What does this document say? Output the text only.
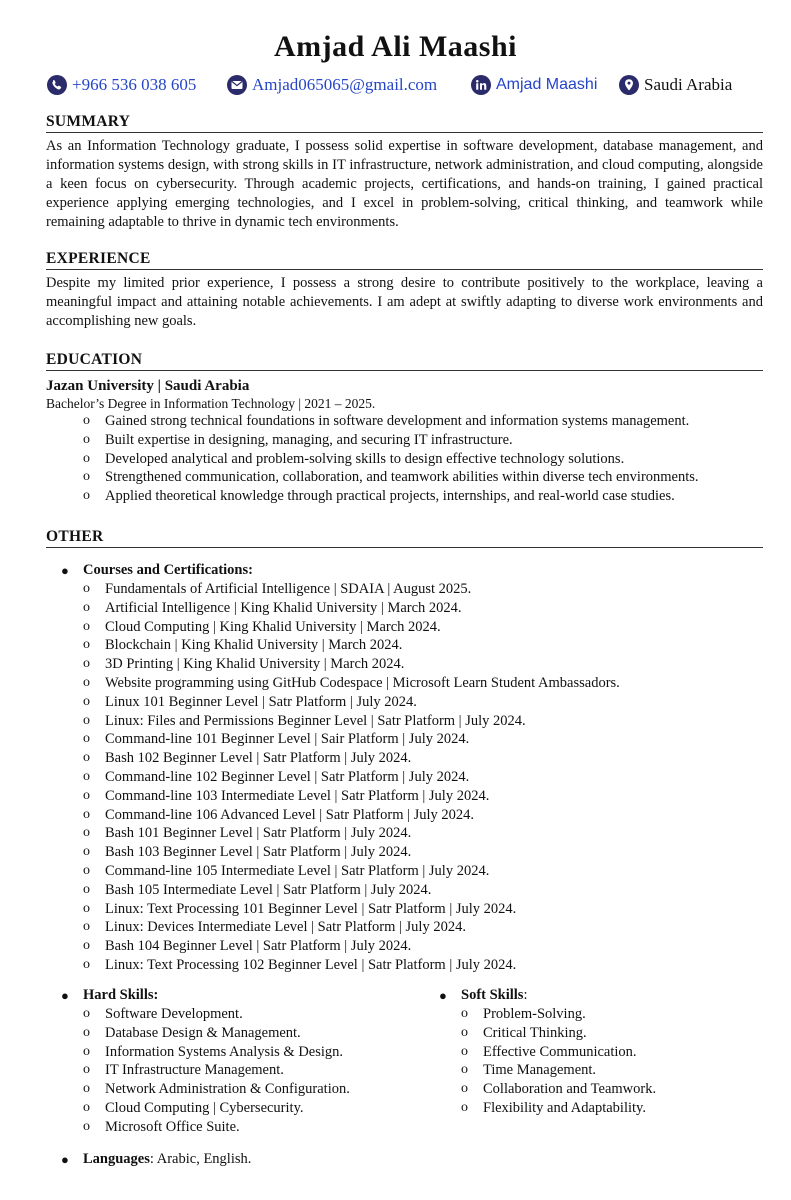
Amjad Ali Maashi
+966 536 038 605	Amjad065065@gmail.com	Amjad Maashi	Saudi Arabia
SUMMARY
As an Information Technology graduate, I possess solid expertise in software development, database management, and information systems design, with strong skills in IT infrastructure, network administration, and cloud computing, alongside a keen focus on cybersecurity. Through academic projects, certifications, and hands-on training, I gained practical experience applying emerging technologies, and I excel in problem-solving, critical thinking, and teamwork while remaining adaptable to thrive in dynamic tech environments.
EXPERIENCE
Despite my limited prior experience, I possess a strong desire to contribute positively to the workplace, leaving a meaningful impact and attaining notable achievements. I am adept at swiftly adapting to diverse work environments and accomplishing new goals.
EDUCATION
Jazan University | Saudi Arabia
Bachelor’s Degree in Information Technology | 2021 – 2025.
o Gained strong technical foundations in software development and information systems management.
o Built expertise in designing, managing, and securing IT infrastructure.
o Developed analytical and problem-solving skills to design effective technology solutions.
o Strengthened communication, collaboration, and teamwork abilities within diverse tech environments.
o Applied theoretical knowledge through practical projects, internships, and real-world case studies.
OTHER
● Courses and Certifications:
o Fundamentals of Artificial Intelligence | SDAIA | August 2025.
o Artificial Intelligence | King Khalid University | March 2024.
o Cloud Computing | King Khalid University | March 2024.
o Blockchain | King Khalid University | March 2024.
o 3D Printing | King Khalid University | March 2024.
o Website programming using GitHub Codespace | Microsoft Learn Student Ambassadors.
o Linux 101 Beginner Level | Satr Platform | July 2024.
o Linux: Files and Permissions Beginner Level | Satr Platform | July 2024.
o Command-line 101 Beginner Level | Sair Platform | July 2024.
o Bash 102 Beginner Level | Satr Platform | July 2024.
o Command-line 102 Beginner Level | Satr Platform | July 2024.
o Command-line 103 Intermediate Level | Satr Platform | July 2024.
o Command-line 106 Advanced Level | Satr Platform | July 2024.
o Bash 101 Beginner Level | Satr Platform | July 2024.
o Bash 103 Beginner Level | Satr Platform | July 2024.
o Command-line 105 Intermediate Level | Satr Platform | July 2024.
o Bash 105 Intermediate Level | Satr Platform | July 2024.
o Linux: Text Processing 101 Beginner Level | Satr Platform | July 2024.
o Linux: Devices Intermediate Level | Satr Platform | July 2024.
o Bash 104 Beginner Level | Satr Platform | July 2024.
o Linux: Text Processing 102 Beginner Level | Satr Platform | July 2024.
● Hard Skills:
o Software Development.
o Database Design & Management.
o Information Systems Analysis & Design.
o IT Infrastructure Management.
o Network Administration & Configuration.
o Cloud Computing | Cybersecurity.
o Microsoft Office Suite.
● Soft Skills:
o Problem-Solving.
o Critical Thinking.
o Effective Communication.
o Time Management.
o Collaboration and Teamwork.
o Flexibility and Adaptability.
● Languages: Arabic, English.
